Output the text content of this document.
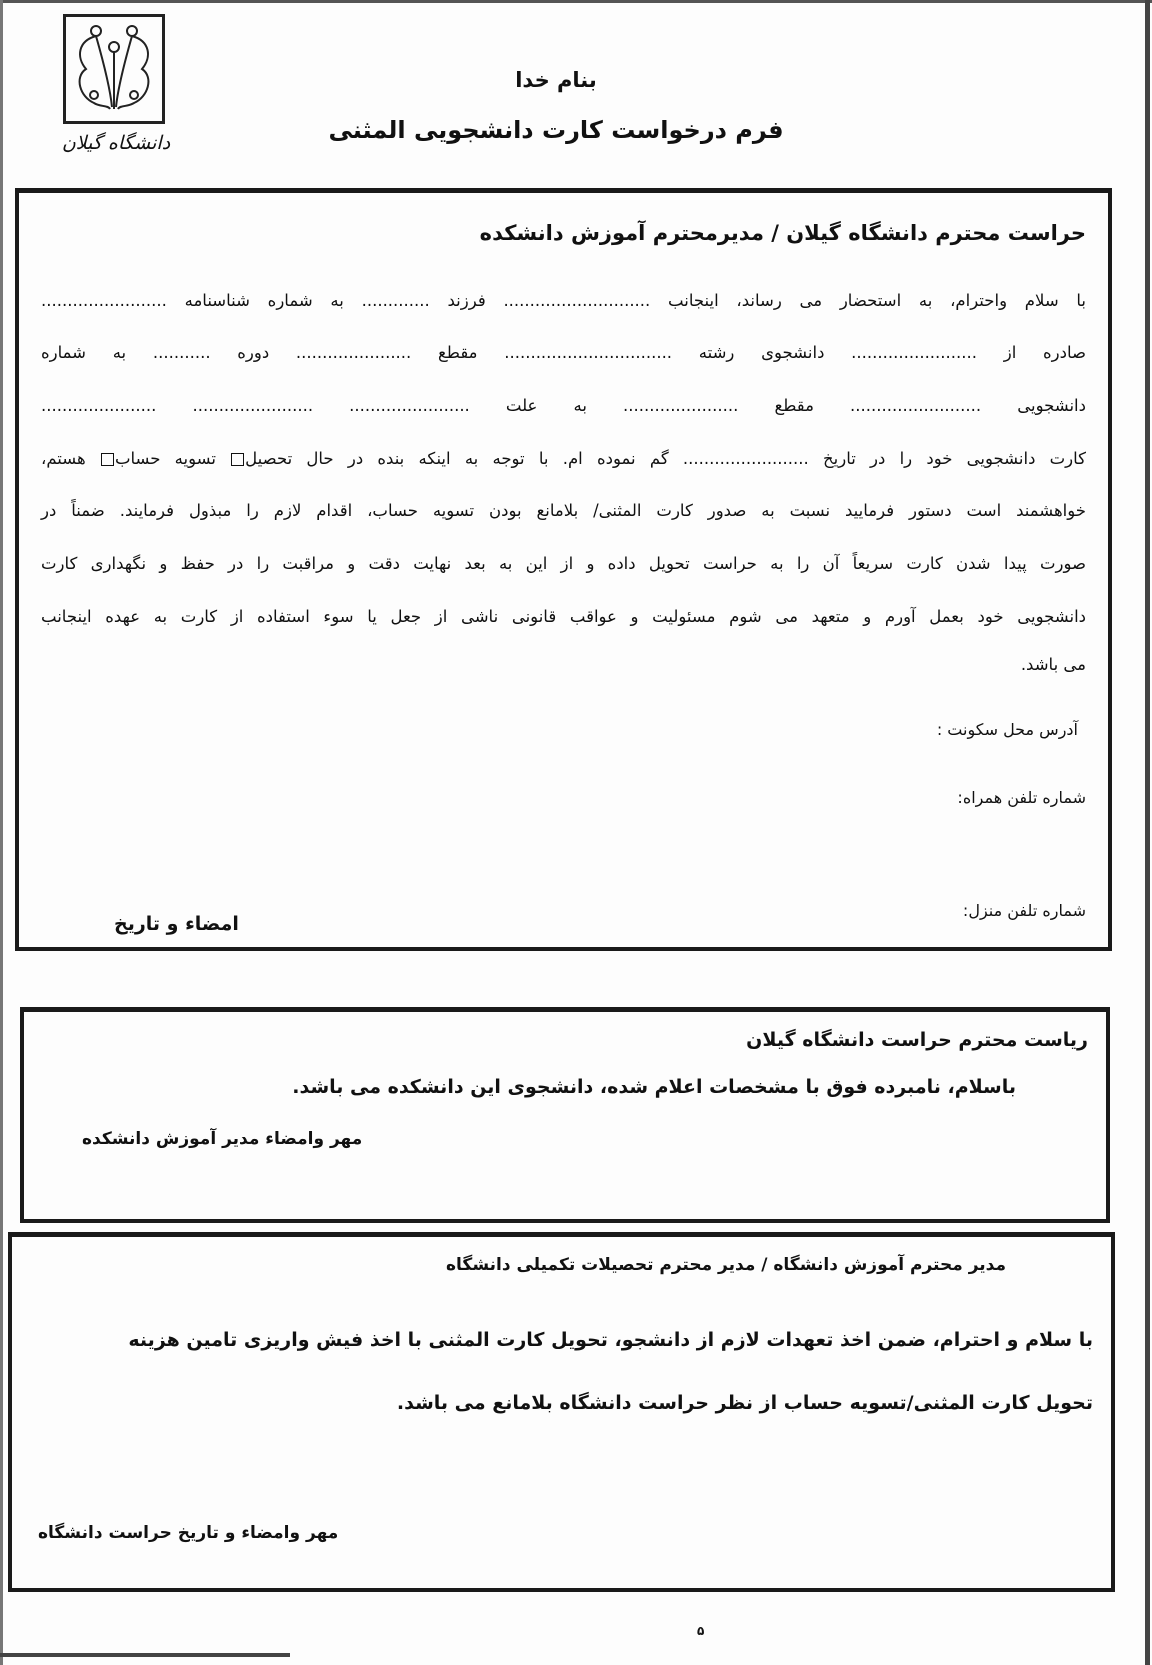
دانشگاه گیلان
بنام خدا
فرم درخواست کارت دانشجویی المثنی
حراست محترم دانشگاه گیلان / مدیرمحترم آموزش دانشکده
با سلام واحترام، به استحضار می رساند، اینجانب ............................ فرزند ............. به شماره شناسنامه ........................
صادره از ........................ دانشجوی رشته ................................ مقطع ...................... دوره ........... به شماره
دانشجویی ......................... مقطع ...................... به علت ....................... ....................... ......................
کارت دانشجویی خود را در تاریخ ........................ گم نموده ام. با توجه به اینکه بنده در حال تحصیل تسویه حساب هستم،
خواهشمند است دستور فرمایید نسبت به صدور کارت المثنی/ بلامانع بودن تسویه حساب، اقدام لازم را مبذول فرمایند. ضمناً در
صورت پیدا شدن کارت سریعاً آن را به حراست تحویل داده و از این به بعد نهایت دقت و مراقبت را در حفظ و نگهداری کارت
دانشجویی خود بعمل آورم و متعهد می شوم مسئولیت و عواقب قانونی ناشی از جعل یا سوء استفاده از کارت به عهده اینجانب
می باشد.
آدرس محل سکونت :
شماره تلفن همراه:
شماره تلفن منزل:
امضاء و تاریخ
ریاست محترم حراست دانشگاه گیلان
باسلام، نامبرده فوق با مشخصات اعلام شده، دانشجوی این دانشکده می باشد.
مهر وامضاء مدیر آموزش دانشکده
مدیر محترم آموزش دانشگاه / مدیر محترم تحصیلات تکمیلی دانشگاه
با سلام و احترام، ضمن اخذ تعهدات لازم از دانشجو، تحویل کارت المثنی با اخذ فیش واریزی تامین هزینه
تحویل کارت المثنی/تسویه حساب از نظر حراست دانشگاه بلامانع می باشد.
مهر وامضاء و تاریخ حراست دانشگاه
۵
